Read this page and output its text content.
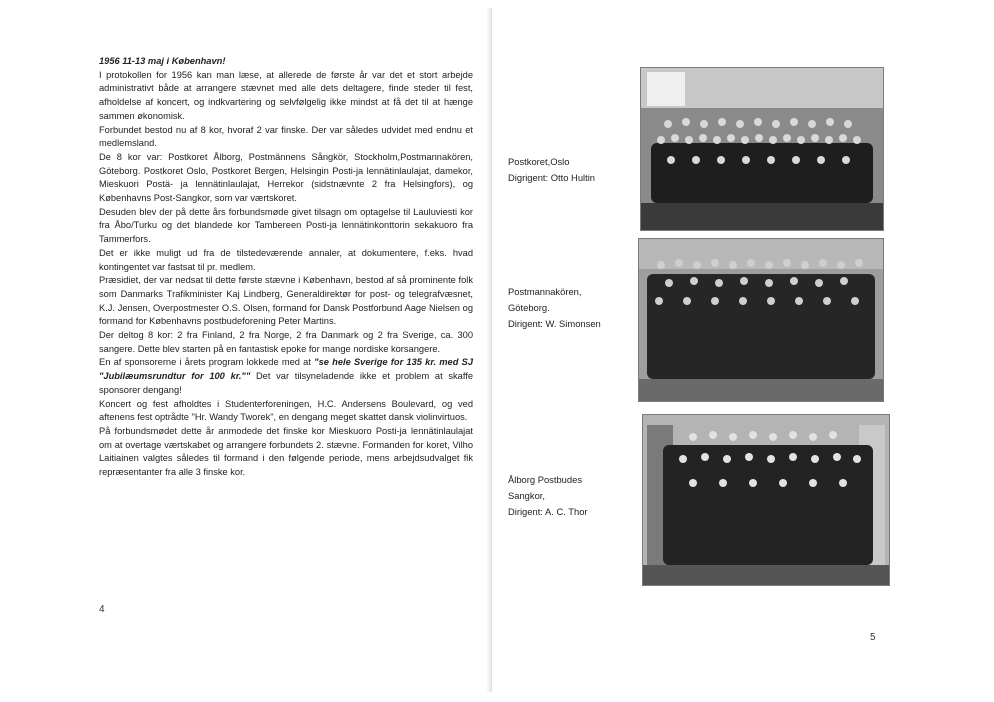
1956 11-13 maj i København!

I protokollen for 1956 kan man læse, at allerede de første år var det et stort arbejde administrativt både at arrangere stævnet med alle dets deltagere, finde steder til fest, afholdelse af koncert, og indkvartering og selvfølgelig ikke mindst at få det til at hænge sammen økonomisk.

Forbundet bestod nu af 8 kor, hvoraf 2 var finske. Der var således udvidet med endnu et medlemsland.

De 8 kor var: Postkoret Ålborg, Postmännens Sångkör, Stockholm,Postmannakören, Göteborg. Postkoret Oslo, Postkoret Bergen, Helsingin Posti-ja lennätinlaulajat, damekor, Mieskuori Postä- ja lennätinlaulajat, Herrekor (sidstnævnte 2 fra Helsingfors), og Københavns Post-Sangkor, som var værtskoret.

Desuden blev der på dette års forbundsmøde givet tilsagn om optagelse til Lauluviesti kor fra Åbo/Turku og det blandede kor Tambereen Posti-ja lennätinkonttorin sekakuoro fra Tammerfors.

Det er ikke muligt ud fra de tilstedeværende annaler, at dokumentere, f.eks. hvad kontingentet var fastsat til pr. medlem.

Præsidiet, der var nedsat til dette første stævne i København, bestod af så prominente folk som Danmarks Trafikminister Kaj Lindberg, Generaldirektør for post- og telegrafvæsnet, K.J. Jensen, Overpostmester O.S. Olsen, formand for Dansk Postforbund Aage Nielsen og formand for Københavns postbudeforening Peter Martins.

Der deltog 8 kor: 2 fra Finland, 2 fra Norge, 2 fra Danmark og 2 fra Sverige, ca. 300 sangere. Dette blev starten på en fantastisk epoke for mange nordiske korsangere.

En af sponsorerne i årets program lokkede med at "se hele Sverige for 135 kr. med SJ "Jubilæumsrundtur for 100 kr."" Det var tilsyneladende ikke et problem at skaffe sponsorer dengang!

Koncert og fest afholdtes i Studenterforeningen, H.C. Andersens Boulevard, og ved aftenens fest optrådte "Hr. Wandy Tworek", en dengang meget skattet dansk violinvirtuos.

På forbundsmødet dette år anmodede det finske kor Mieskuoro Posti-ja lennätinlaulajat om at overtage værtskabet og arrangere forbundets 2. stævne. Formanden for koret, Vilho Laitiainen valgtes således til formand i den følgende periode, mens arbejdsudvalget fik repræsentanter fra alle 3 finske kor.

4
Postkoret,Oslo
Digrigent: Otto Hultin
Postmannakören,
Göteborg.
Dirigent: W. Simonsen
Ålborg Postbudes
Sangkor,
Dirigent: A. C. Thor
5
